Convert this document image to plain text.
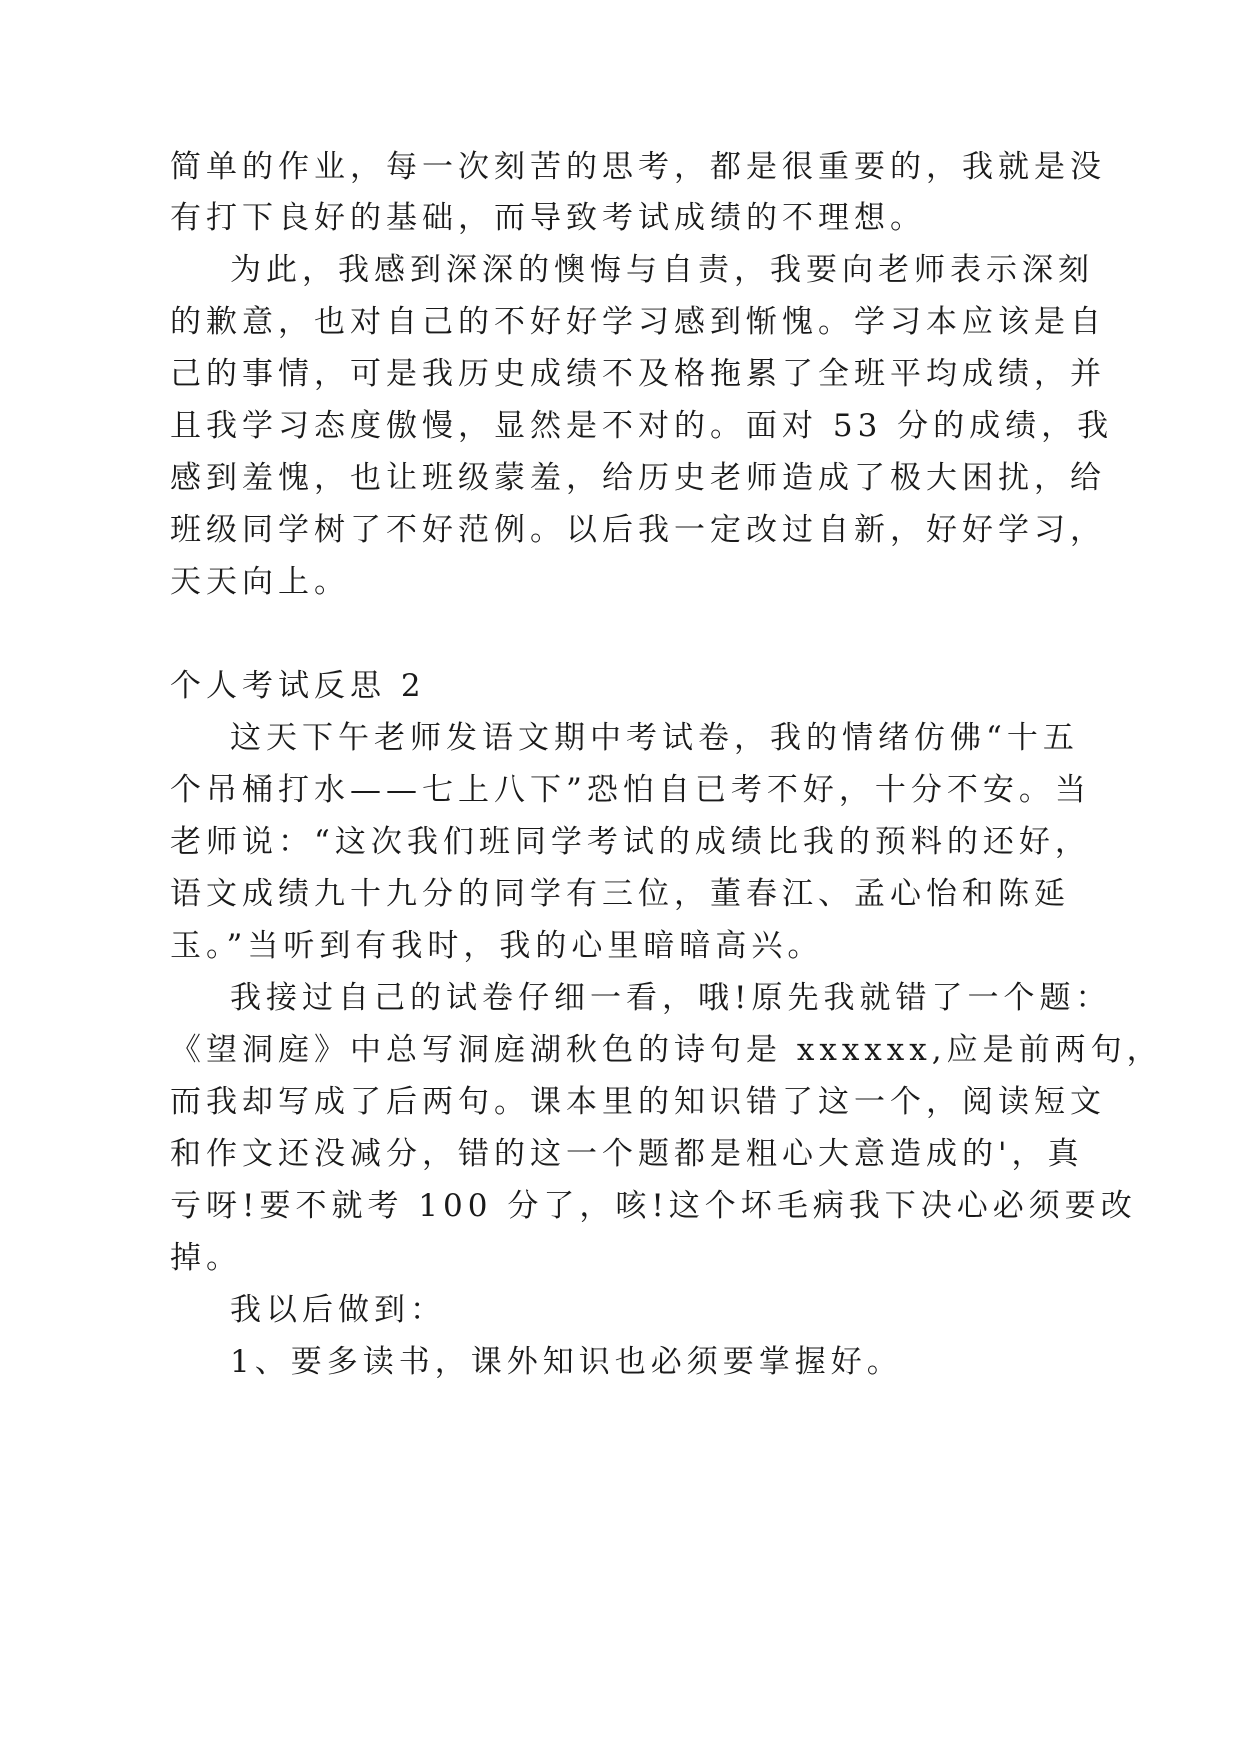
简单的作业，每一次刻苦的思考，都是很重要的，我就是没
有打下良好的基础，而导致考试成绩的不理想。
为此，我感到深深的懊悔与自责，我要向老师表示深刻
的歉意，也对自己的不好好学习感到惭愧。学习本应该是自
己的事情，可是我历史成绩不及格拖累了全班平均成绩，并
且我学习态度傲慢，显然是不对的。面对 53 分的成绩，我
感到羞愧，也让班级蒙羞，给历史老师造成了极大困扰，给
班级同学树了不好范例。以后我一定改过自新，好好学习，
天天向上。
个人考试反思 2
这天下午老师发语文期中考试卷，我的情绪仿佛“十五
个吊桶打水——七上八下”恐怕自已考不好，十分不安。当
老师说：“这次我们班同学考试的成绩比我的预料的还好，
语文成绩九十九分的同学有三位，董春江、孟心怡和陈延
玉。”当听到有我时，我的心里暗暗高兴。
我接过自己的试卷仔细一看，哦!原先我就错了一个题：
《望洞庭》中总写洞庭湖秋色的诗句是 xxxxxx,应是前两句，
而我却写成了后两句。课本里的知识错了这一个，阅读短文
和作文还没减分，错的这一个题都是粗心大意造成的'，真
亏呀!要不就考 100 分了，咳!这个坏毛病我下决心必须要改
掉。
我以后做到：
1、要多读书，课外知识也必须要掌握好。
